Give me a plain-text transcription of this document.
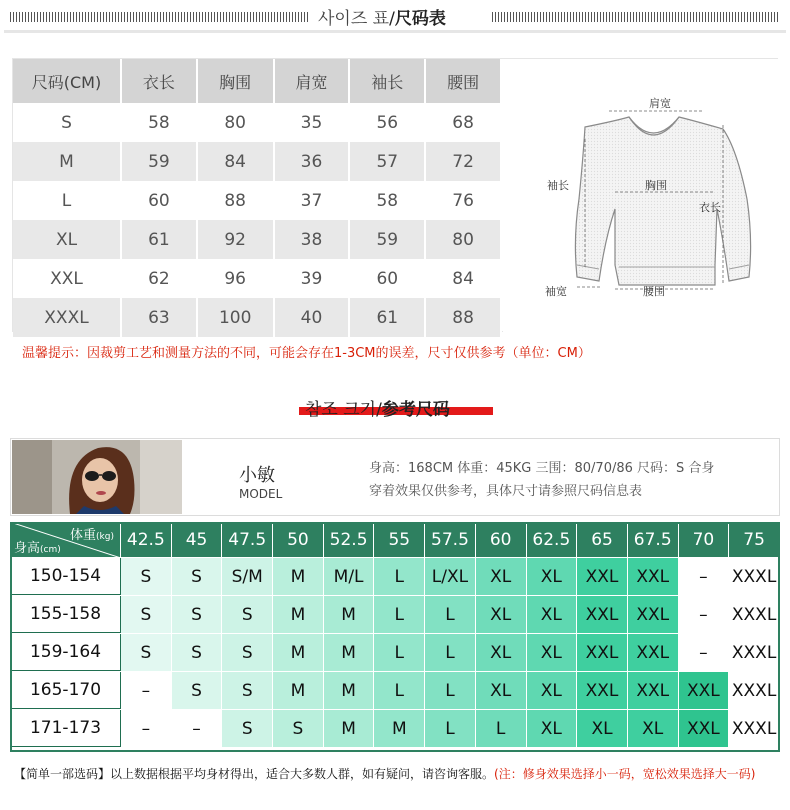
사이즈 표/尺码表
尺码(CM)	衣长	胸围	肩宽	袖长	腰围
S	58	80	35	56	68
M	59	84	36	57	72
L	60	88	37	58	76
XL	61	92	38	59	80
XXL	62	96	39	60	84
XXXL	63	100	40	61	88
肩宽
袖长	胸围
衣长
袖宽	腰围
温馨提示：因裁剪工艺和测量方法的不同，可能会存在1-3CM的误差，尺寸仅供参考（单位：CM）
참조 크기/参考尺码
小敏
MODEL
身高：168CM 体重：45KG 三围：80/70/86 尺码：S 合身
穿着效果仅供参考，具体尺寸请参照尺码信息表
体重(kg)
身高(cm)
42.5	45	47.5	50	52.5	55	57.5	60	62.5	65	67.5	70	75
150-154	S	S	S/M	M	M/L	L	L/XL	XL	XL	XXL	XXL	–	XXXL
155-158	S	S	S	M	M	L	L	XL	XL	XXL	XXL	–	XXXL
159-164	S	S	S	M	M	L	L	XL	XL	XXL	XXL	–	XXXL
165-170	–	S	S	M	M	L	L	XL	XL	XXL	XXL	XXL XXXL
171-173	–	–	S	S	M	M	L	L	XL	XL	XL	XXL XXXL
【简单一部选码】以上数据根据平均身材得出，适合大多数人群，如有疑问，请咨询客服。(注：修身效果选择小一码，宽松效果选择大一码)
